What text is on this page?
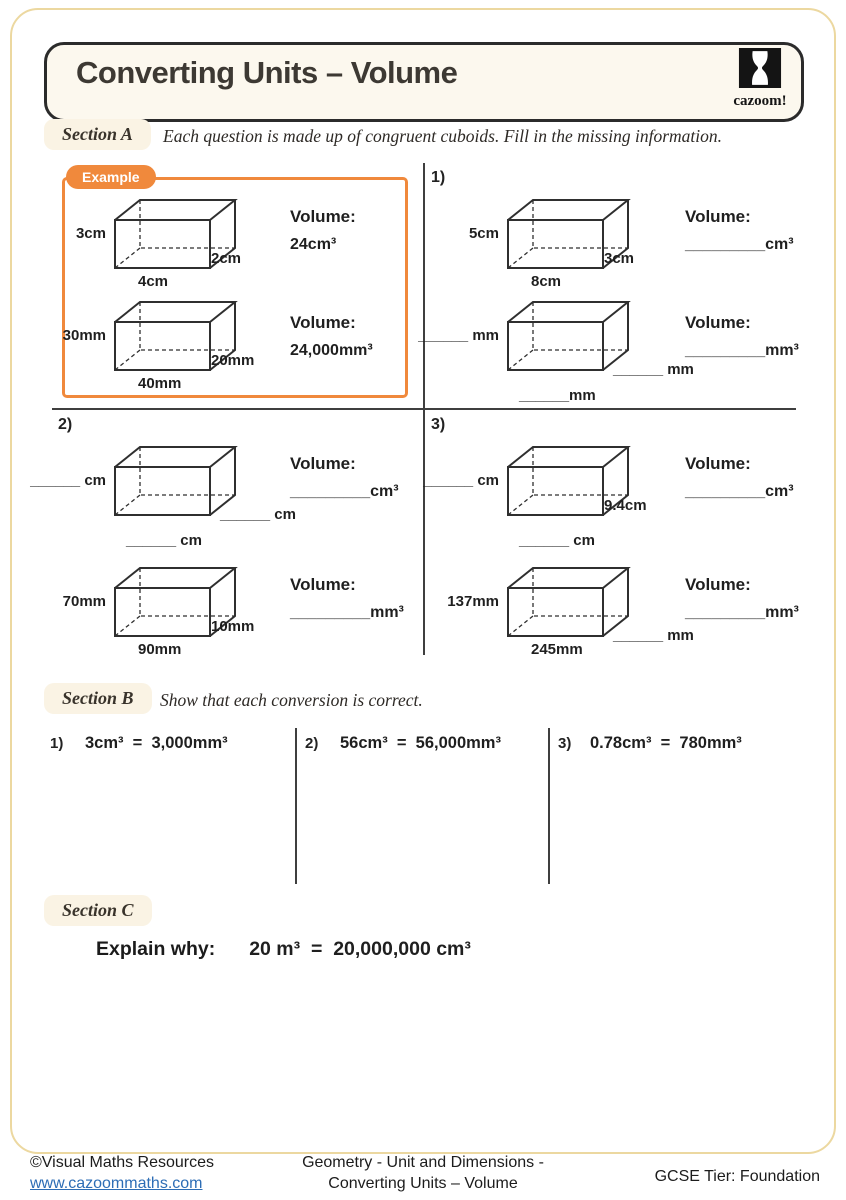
Converting Units – Volume
cazoom!
Section A	Each question is made up of congruent cuboids. Fill in the missing information.
Example
3cm
4cm
2cm
Volume:
24cm³
30mm
40mm
20mm
Volume:
24,000mm³
1)
5cm
8cm
3cm
Volume:
_________cm³
______ mm
______mm
______ mm
Volume:
_________mm³
2)
______ cm
______ cm
______ cm
Volume:
_________cm³
70mm
90mm
10mm
Volume:
_________mm³
3)
______ cm
______ cm
9.4cm
Volume:
_________cm³
137mm
245mm
______ mm
Volume:
_________mm³
Section B	Show that each conversion is correct.
1) 3cm³  =  3,000mm³	2) 56cm³  =  56,000mm³	3) 0.78cm³  =  780mm³
Section C
Explain why: 20 m³  =  20,000,000 cm³
©Visual Maths Resources
www.cazoommaths.com
Geometry - Unit and Dimensions -
Converting Units – Volume	GCSE Tier: Foundation
